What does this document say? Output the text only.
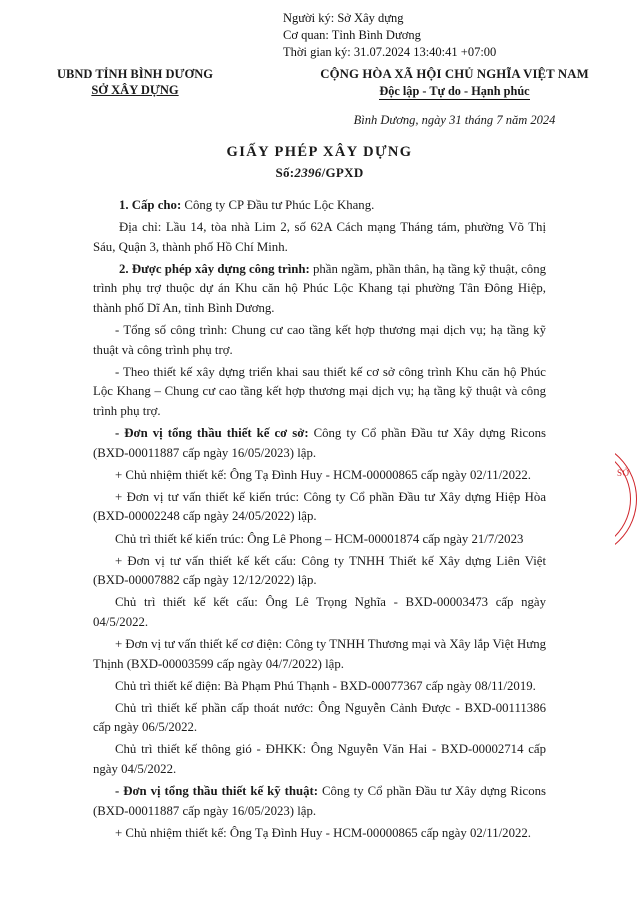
Người ký: Sở Xây dựng
Cơ quan: Tỉnh Bình Dương
Thời gian ký: 31.07.2024 13:40:41 +07:00
UBND TỈNH BÌNH DƯƠNG
SỞ XÂY DỰNG
CỘNG HÒA XÃ HỘI CHỦ NGHĨA VIỆT NAM
Độc lập - Tự do - Hạnh phúc
Bình Dương, ngày 31 tháng 7 năm 2024
GIẤY PHÉP XÂY DỰNG
Số:2396/GPXD

1. Cấp cho: Công ty CP Đầu tư Phúc Lộc Khang.

Địa chỉ: Lầu 14, tòa nhà Lim 2, số 62A Cách mạng Tháng tám, phường Võ Thị Sáu, Quận 3, thành phố Hồ Chí Minh.

2. Được phép xây dựng công trình: phần ngầm, phần thân, hạ tầng kỹ thuật, công trình phụ trợ thuộc dự án Khu căn hộ Phúc Lộc Khang tại phường Tân Đông Hiệp, thành phố Dĩ An, tỉnh Bình Dương.

- Tổng số công trình: Chung cư cao tầng kết hợp thương mại dịch vụ; hạ tầng kỹ thuật và công trình phụ trợ.

- Theo thiết kế xây dựng triển khai sau thiết kế cơ sở công trình Khu căn hộ Phúc Lộc Khang – Chung cư cao tầng kết hợp thương mại dịch vụ; hạ tầng kỹ thuật và công trình phụ trợ.

- Đơn vị tổng thầu thiết kế cơ sở: Công ty Cổ phần Đầu tư Xây dựng Ricons (BXD-00011887 cấp ngày 16/05/2023) lập.

+ Chủ nhiệm thiết kế: Ông Tạ Đình Huy - HCM-00000865 cấp ngày 02/11/2022.

+ Đơn vị tư vấn thiết kế kiến trúc: Công ty Cổ phần Đầu tư Xây dựng Hiệp Hòa (BXD-00002248 cấp ngày 24/05/2022) lập.

Chủ trì thiết kế kiến trúc: Ông Lê Phong – HCM-00001874 cấp ngày 21/7/2023

+ Đơn vị tư vấn thiết kế kết cấu: Công ty TNHH Thiết kế Xây dựng Liên Việt (BXD-00007882 cấp ngày 12/12/2022) lập.

Chủ trì thiết kế kết cấu: Ông Lê Trọng Nghĩa - BXD-00003473 cấp ngày 04/5/2022.

+ Đơn vị tư vấn thiết kế cơ điện: Công ty TNHH Thương mại và Xây lắp Việt Hưng Thịnh (BXD-00003599 cấp ngày 04/7/2022) lập.

Chủ trì thiết kế điện: Bà Phạm Phú Thạnh - BXD-00077367 cấp ngày 08/11/2019.

Chủ trì thiết kế phần cấp thoát nước: Ông Nguyễn Cảnh Được - BXD-00111386 cấp ngày 06/5/2022.

Chủ trì thiết kế thông gió - ĐHKK: Ông Nguyễn Văn Hai - BXD-00002714 cấp ngày 04/5/2022.

- Đơn vị tổng thầu thiết kế kỹ thuật: Công ty Cổ phần Đầu tư Xây dựng Ricons (BXD-00011887 cấp ngày 16/05/2023) lập.

+ Chủ nhiệm thiết kế: Ông Tạ Đình Huy - HCM-00000865 cấp ngày 02/11/2022.

SỞ
